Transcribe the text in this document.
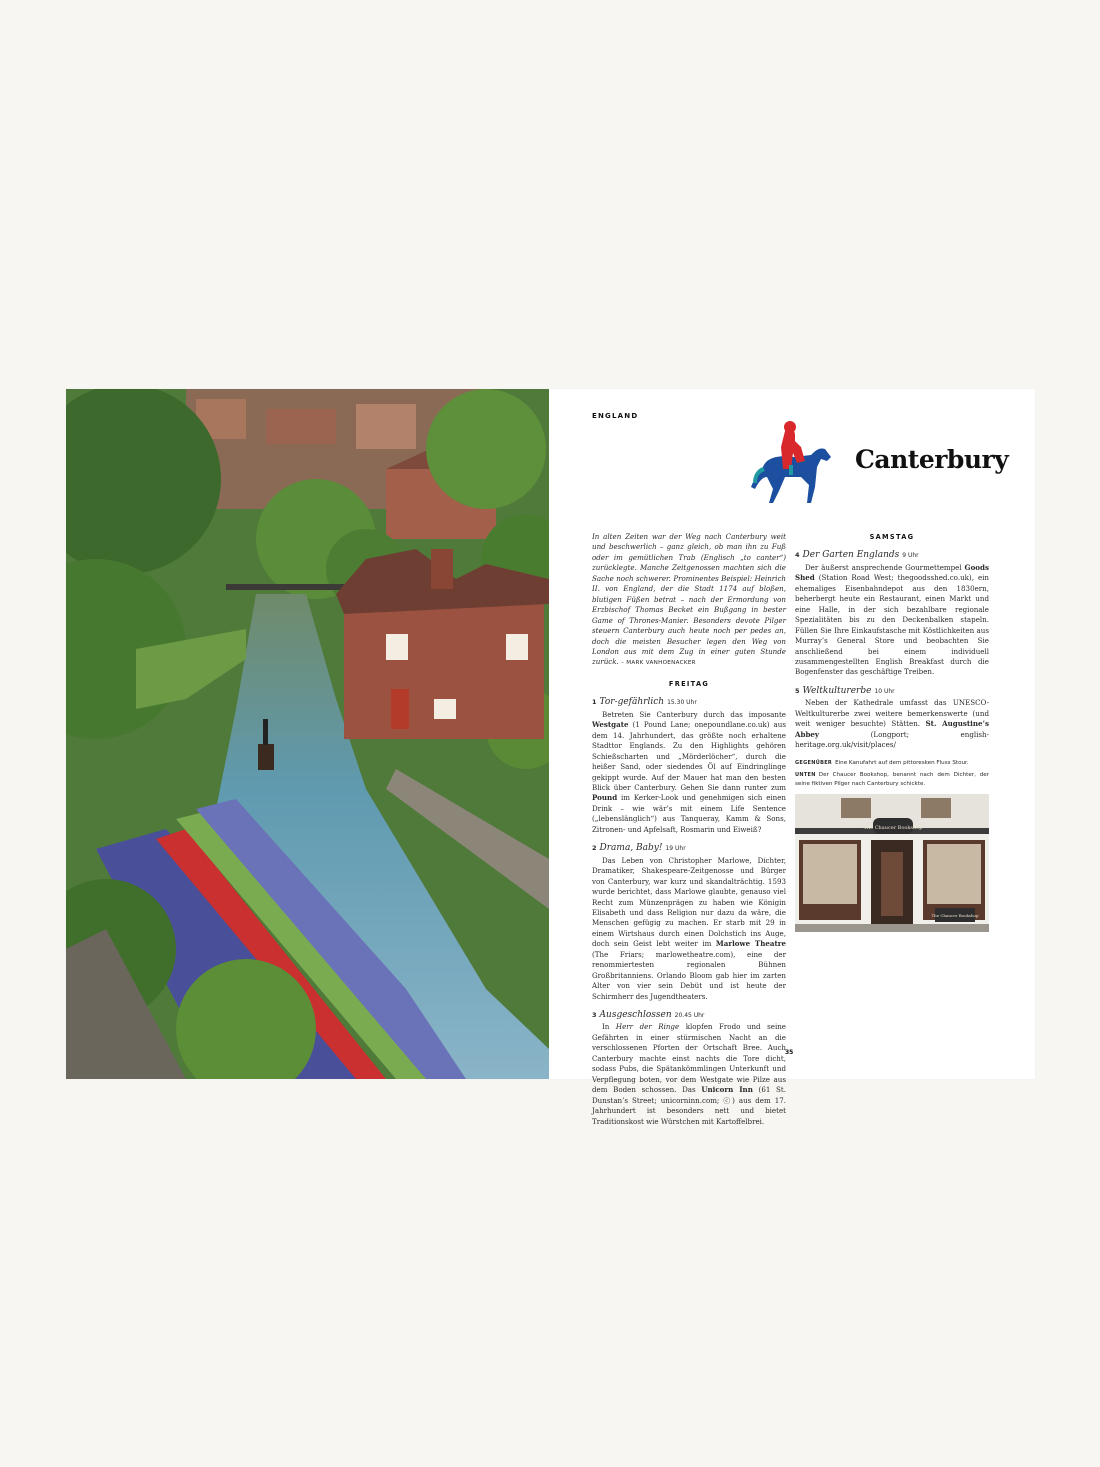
ENGLAND
Canterbury
In alten Zeiten war der Weg nach Canterbury weit und beschwerlich – ganz gleich, ob man ihn zu Fuß oder im gemütlichen Trab (Englisch „to canter“) zurücklegte. Manche Zeitgenossen machten sich die Sache noch schwerer. Prominentes Beispiel: Heinrich II. von England, der die Stadt 1174 auf bloßen, blutigen Füßen betrat – nach der Ermordung von Erzbischof Thomas Becket ein Bußgang in bester Game of Thrones-Manier. Besonders devote Pilger steuern Canterbury auch heute noch per pedes an, doch die meisten Besucher legen den Weg von London aus mit dem Zug in einer guten Stunde zurück. – MARK VANHOENACKER
FREITAG
1 Tor-gefährlich 15.30 Uhr
Betreten Sie Canterbury durch das imposante Westgate (1 Pound Lane; onepoundlane.co.uk) aus dem 14. Jahrhundert, das größte noch erhaltene Stadttor Englands. Zu den Highlights gehören Schießscharten und „Mörderlöcher“, durch die heißer Sand, oder siedendes Öl auf Eindringlinge gekippt wurde. Auf der Mauer hat man den besten Blick über Canterbury. Gehen Sie dann runter zum Pound im Kerker-Look und genehmigen sich einen Drink – wie wär’s mit einem Life Sentence („lebenslänglich“) aus Tanqueray, Kamm & Sons, Zitronen- und Apfelsaft, Rosmarin und Eiweiß?
2 Drama, Baby! 19 Uhr
Das Leben von Christopher Marlowe, Dichter, Dramatiker, Shakespeare-Zeitgenosse und Bürger von Canterbury, war kurz und skandalträchtig. 1593 wurde berichtet, dass Marlowe glaubte, genauso viel Recht zum Münzenprägen zu haben wie Königin Elisabeth und dass Religion nur dazu da wäre, die Menschen gefügig zu machen. Er starb mit 29 in einem Wirtshaus durch einen Dolchstich ins Auge, doch sein Geist lebt weiter im Marlowe Theatre (The Friars; marlowetheatre.com), eine der renommiertesten regionalen Bühnen Großbritanniens. Orlando Bloom gab hier im zarten Alter von vier sein Debüt und ist heute der Schirmherr des Jugendtheaters.
3 Ausgeschlossen 20.45 Uhr
In Herr der Ringe klopfen Frodo und seine Gefährten in einer stürmischen Nacht an die verschlossenen Pforten der Ortschaft Bree. Auch Canterbury machte einst nachts die Tore dicht, sodass Pubs, die Spätankömmlingen Unterkunft und Verpflegung boten, vor dem Westgate wie Pilze aus dem Boden schossen. Das Unicorn Inn (61 St. Dunstan’s Street; unicorninn.com; ⓒ) aus dem 17. Jahrhundert ist besonders nett und bietet Traditionskost wie Würstchen mit Kartoffelbrei.
SAMSTAG
4 Der Garten Englands 9 Uhr
Der äußerst ansprechende Gourmettempel Goods Shed (Station Road West; thegoodsshed.co.uk), ein ehemaliges Eisenbahndepot aus den 1830ern, beherbergt heute ein Restaurant, einen Markt und eine Halle, in der sich bezahlbare regionale Spezialitäten bis zu den Deckenbalken stapeln. Füllen Sie Ihre Einkaufstasche mit Köstlichkeiten aus Murray’s General Store und beobachten Sie anschließend bei einem individuell zusammengestellten English Breakfast durch die Bogenfenster das geschäftige Treiben.
5 Weltkulturerbe 10 Uhr
Neben der Kathedrale umfasst das UNESCO-Weltkulturerbe zwei weitere bemerkenswerte (und weit weniger besuchte) Stätten. St. Augustine’s Abbey (Longport; english-heritage.org.uk/visit/places/
GEGENÜBER Eine Kanufahrt auf dem pittoresken Fluss Stour.
UNTEN Der Chaucer Bookshop, benannt nach dem Dichter, der seine fiktiven Pilger nach Canterbury schickte.
The Chaucer Bookshop
The Chaucer Bookshop
35
